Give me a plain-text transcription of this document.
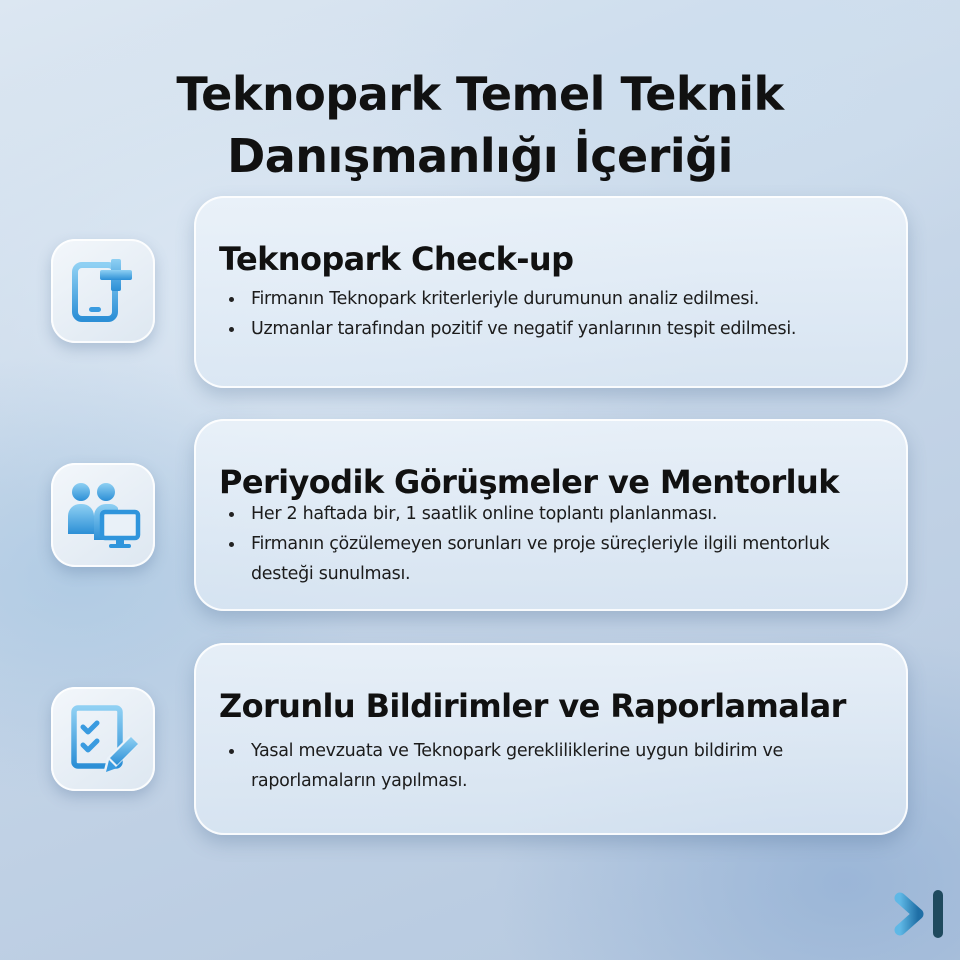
Teknopark Temel Teknik
Danışmanlığı İçeriği
Teknopark Check-up
Firmanın Teknopark kriterleriyle durumunun analiz edilmesi.
Uzmanlar tarafından pozitif ve negatif yanlarının tespit edilmesi.
Periyodik Görüşmeler ve Mentorluk
Her 2 haftada bir, 1 saatlik online toplantı planlanması.
Firmanın çözülemeyen sorunları ve proje süreçleriyle ilgili mentorluk desteği sunulması.
Zorunlu Bildirimler ve Raporlamalar
Yasal mevzuata ve Teknopark gerekliliklerine uygun bildirim ve raporlamaların yapılması.
